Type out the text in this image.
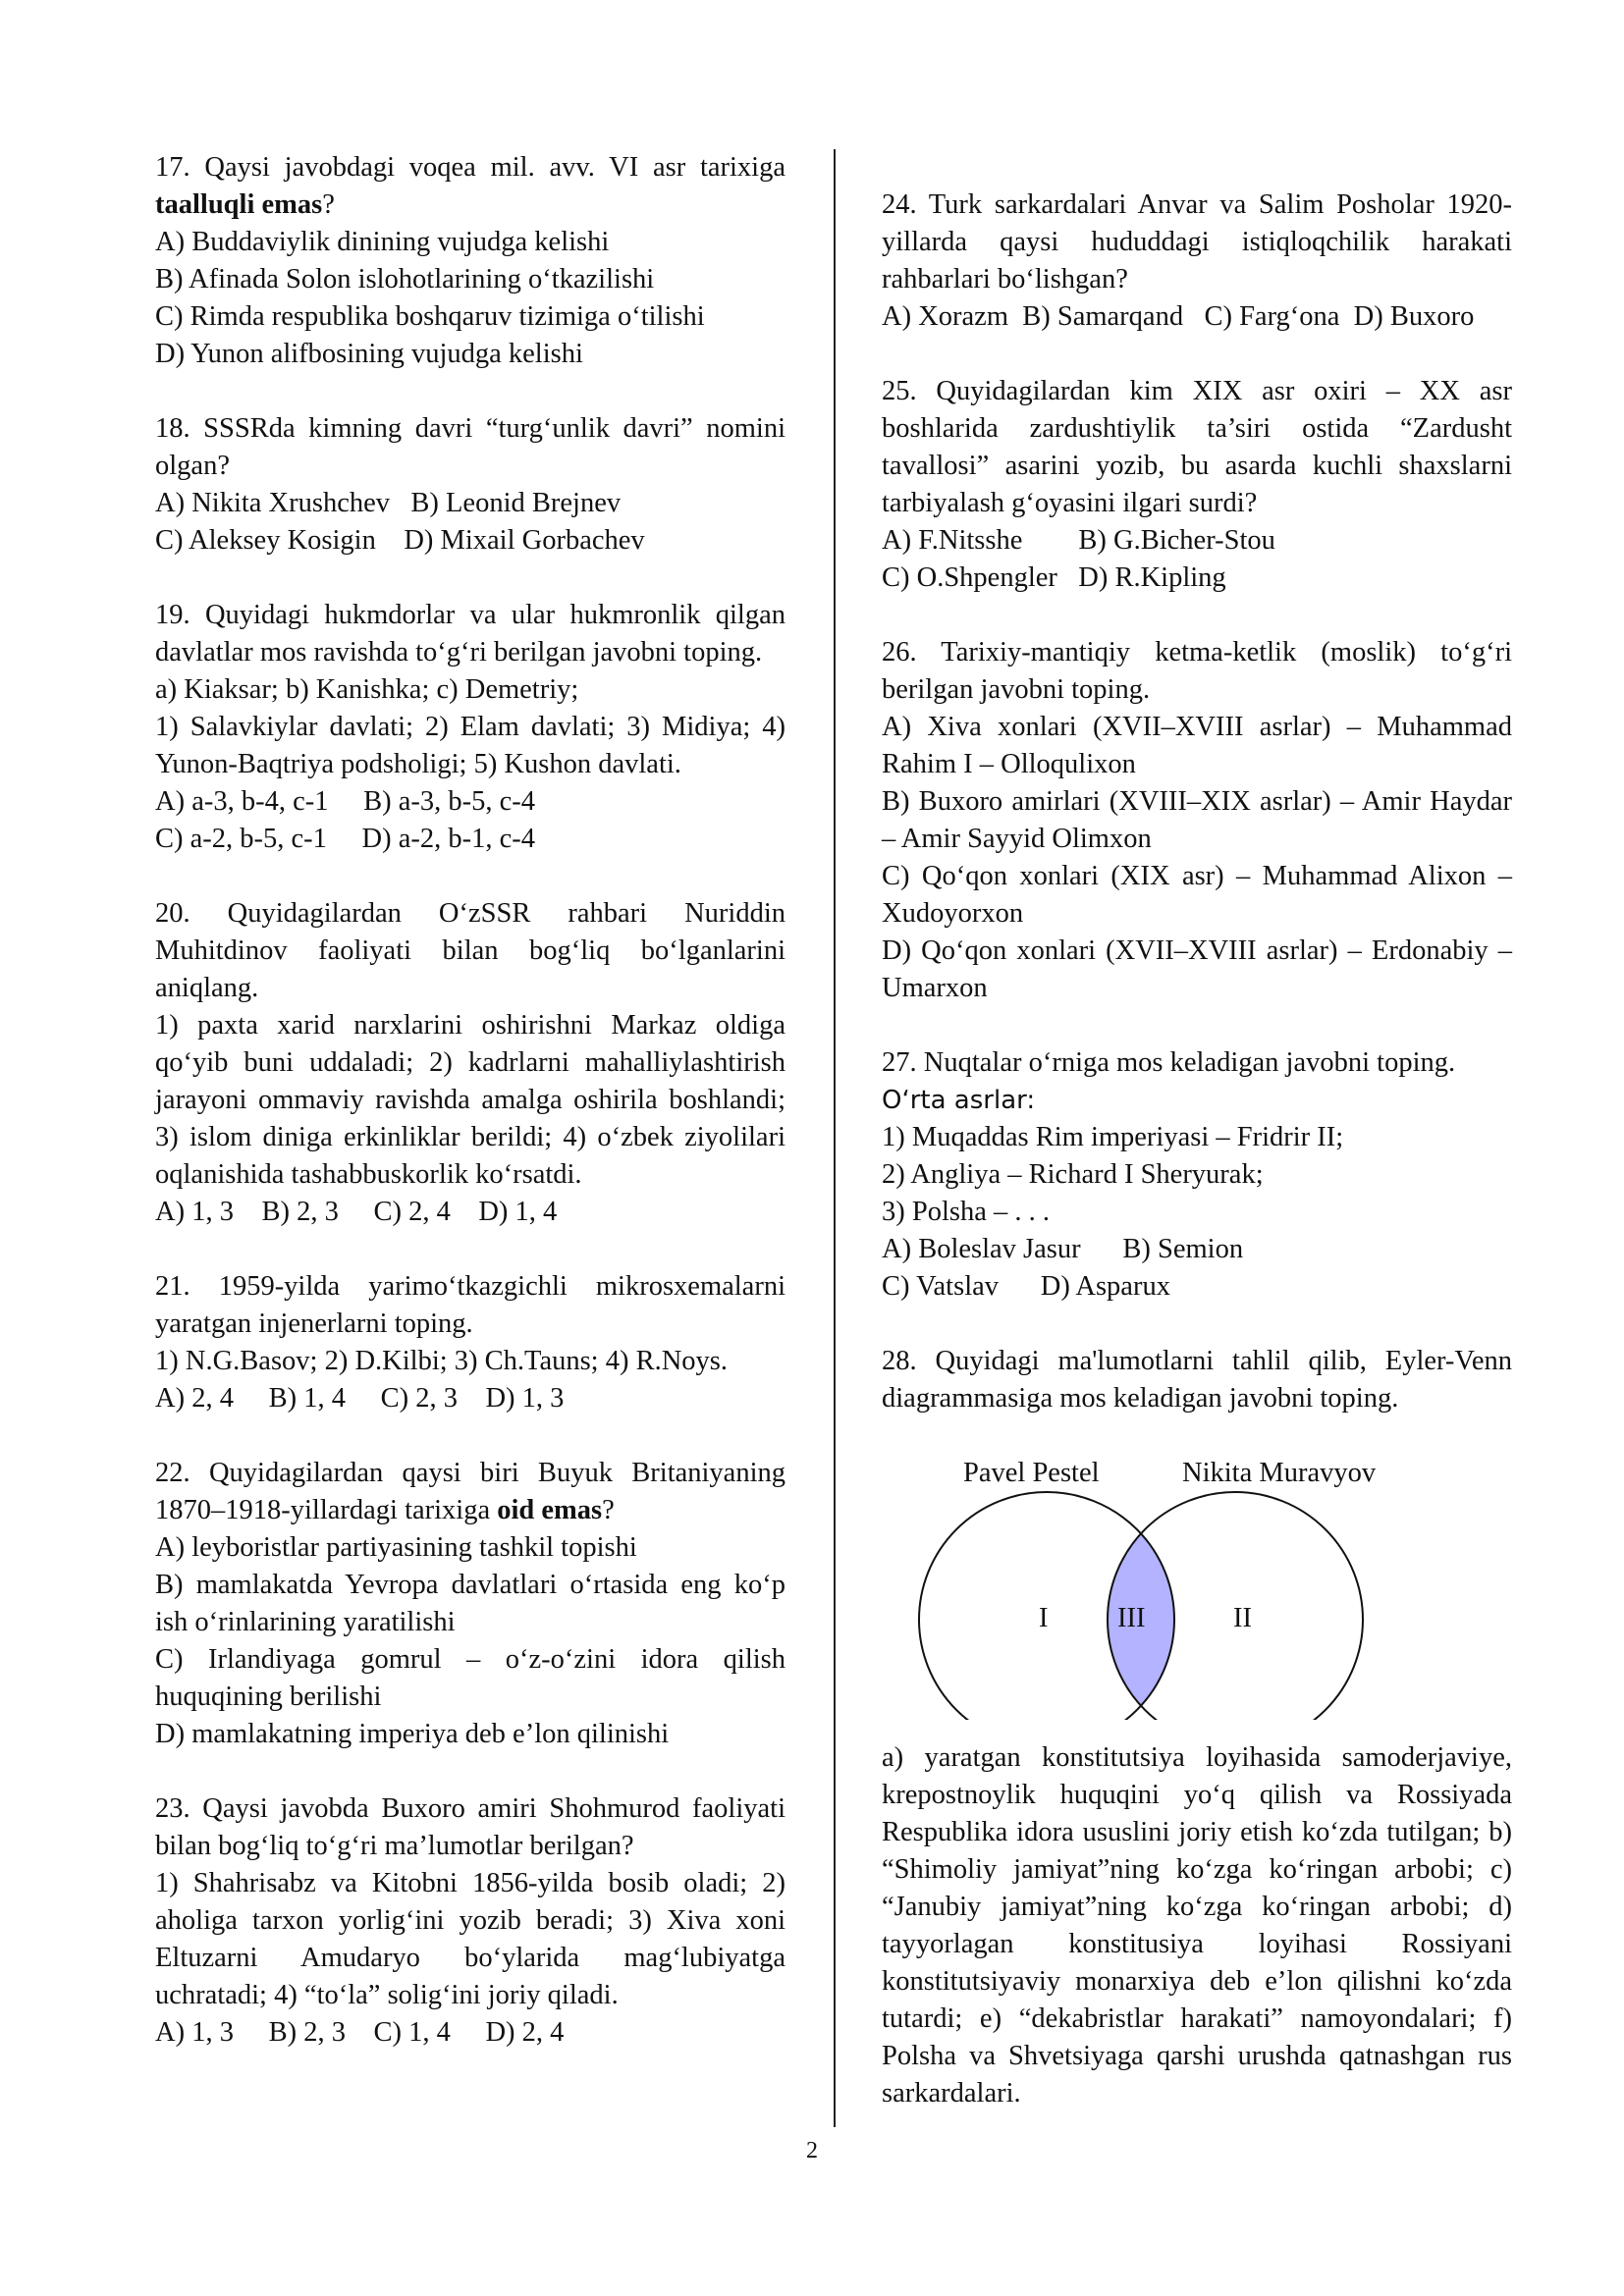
17. Qaysi javobdagi voqea mil. avv. VI asr tarixiga taalluqli emas?

A) Buddaviylik dinining vujudga kelishi

B) Afinada Solon islohotlarining o‘tkazilishi

C) Rimda respublika boshqaruv tizimiga o‘tilishi

D) Yunon alifbosining vujudga kelishi

18. SSSRda kimning davri “turg‘unlik davri” nomini olgan?

A) Nikita Xrushchev   B) Leonid Brejnev

C) Aleksey Kosigin    D) Mixail Gorbachev

19. Quyidagi hukmdorlar va ular hukmronlik qilgan davlatlar mos ravishda to‘g‘ri berilgan javobni toping.

a) Kiaksar; b) Kanishka; c) Demetriy;

1) Salavkiylar davlati; 2) Elam davlati; 3) Midiya; 4) Yunon-Baqtriya podsholigi; 5) Kushon davlati.

A) a-3, b-4, c-1     B) a-3, b-5, c-4

C) a-2, b-5, c-1     D) a-2, b-1, c-4

20. Quyidagilardan O‘zSSR rahbari Nuriddin Muhitdinov faoliyati bilan bog‘liq bo‘lganlarini aniqlang.

1) paxta xarid narxlarini oshirishni Markaz oldiga qo‘yib buni uddaladi; 2) kadrlarni mahalliylashtirish jarayoni ommaviy ravishda amalga oshirila boshlandi; 3) islom diniga erkinliklar berildi; 4) o‘zbek ziyolilari oqlanishida tashabbuskorlik ko‘rsatdi.

A) 1, 3    B) 2, 3     C) 2, 4    D) 1, 4

21. 1959-yilda yarimo‘tkazgichli mikrosxemalarni yaratgan injenerlarni toping.

1) N.G.Basov; 2) D.Kilbi; 3) Ch.Tauns; 4) R.Noys.

A) 2, 4     B) 1, 4     C) 2, 3    D) 1, 3

22. Quyidagilardan qaysi biri Buyuk Britaniyaning 1870–1918-yillardagi tarixiga oid emas?

A) leyboristlar partiyasining tashkil topishi

B) mamlakatda Yevropa davlatlari o‘rtasida eng ko‘p ish o‘rinlarining yaratilishi

C) Irlandiyaga gomrul – o‘z-o‘zini idora qilish huquqining berilishi

D) mamlakatning imperiya deb e’lon qilinishi

23. Qaysi javobda Buxoro amiri Shohmurod faoliyati bilan bog‘liq to‘g‘ri ma’lumotlar berilgan?

1) Shahrisabz va Kitobni 1856-yilda bosib oladi; 2) aholiga tarxon yorlig‘ini yozib beradi; 3) Xiva xoni Eltuzarni Amudaryo bo‘ylarida mag‘lubiyatga uchratadi; 4) “to‘la” solig‘ini joriy qiladi.

A) 1, 3     B) 2, 3    C) 1, 4     D) 2, 4

24. Turk sarkardalari Anvar va Salim Posholar 1920-yillarda qaysi hududdagi istiqloqchilik harakati rahbarlari bo‘lishgan?

A) Xorazm  B) Samarqand   C) Farg‘ona  D) Buxoro

25. Quyidagilardan kim XIX asr oxiri – XX asr boshlarida zardushtiylik ta’siri ostida “Zardusht tavallosi” asarini yozib, bu asarda kuchli shaxslarni tarbiyalash g‘oyasini ilgari surdi?

A) F.Nitsshe        B) G.Bicher-Stou

C) O.Shpengler   D) R.Kipling

26. Tarixiy-mantiqiy ketma-ketlik (moslik) to‘g‘ri berilgan javobni toping.

A) Xiva xonlari (XVII–XVIII asrlar) – Muhammad Rahim I – Olloqulixon

B) Buxoro amirlari (XVIII–XIX asrlar) – Amir Haydar – Amir Sayyid Olimxon

C) Qo‘qon xonlari (XIX asr) – Muhammad Alixon – Xudoyorxon

D) Qo‘qon xonlari (XVII–XVIII asrlar) – Erdonabiy – Umarxon

27. Nuqtalar o‘rniga mos keladigan javobni toping.

O‘rta asrlar:

1) Muqaddas Rim imperiyasi – Fridrir II;

2) Angliya – Richard I Sheryurak;

3) Polsha – . . .

A) Boleslav Jasur      B) Semion

C) Vatslav      D) Asparux

28. Quyidagi ma'lumotlarni tahlil qilib, Eyler-Venn diagrammasiga mos keladigan javobni toping.

Pavel Pestel	Nikita Muravyov
I III	II

a) yaratgan konstitutsiya loyihasida samoderjaviye, krepostnoylik huquqini yo‘q qilish va Rossiyada Respublika idora ususlini joriy etish ko‘zda tutilgan; b) “Shimoliy jamiyat”ning ko‘zga ko‘ringan arbobi; c) “Janubiy jamiyat”ning ko‘zga ko‘ringan arbobi; d) tayyorlagan konstitusiya loyihasi Rossiyani konstitutsiyaviy monarxiya deb e’lon qilishni ko‘zda tutardi; e) “dekabristlar harakati” namoyondalari; f) Polsha va Shvetsiyaga qarshi urushda qatnashgan rus sarkardalari.

2
